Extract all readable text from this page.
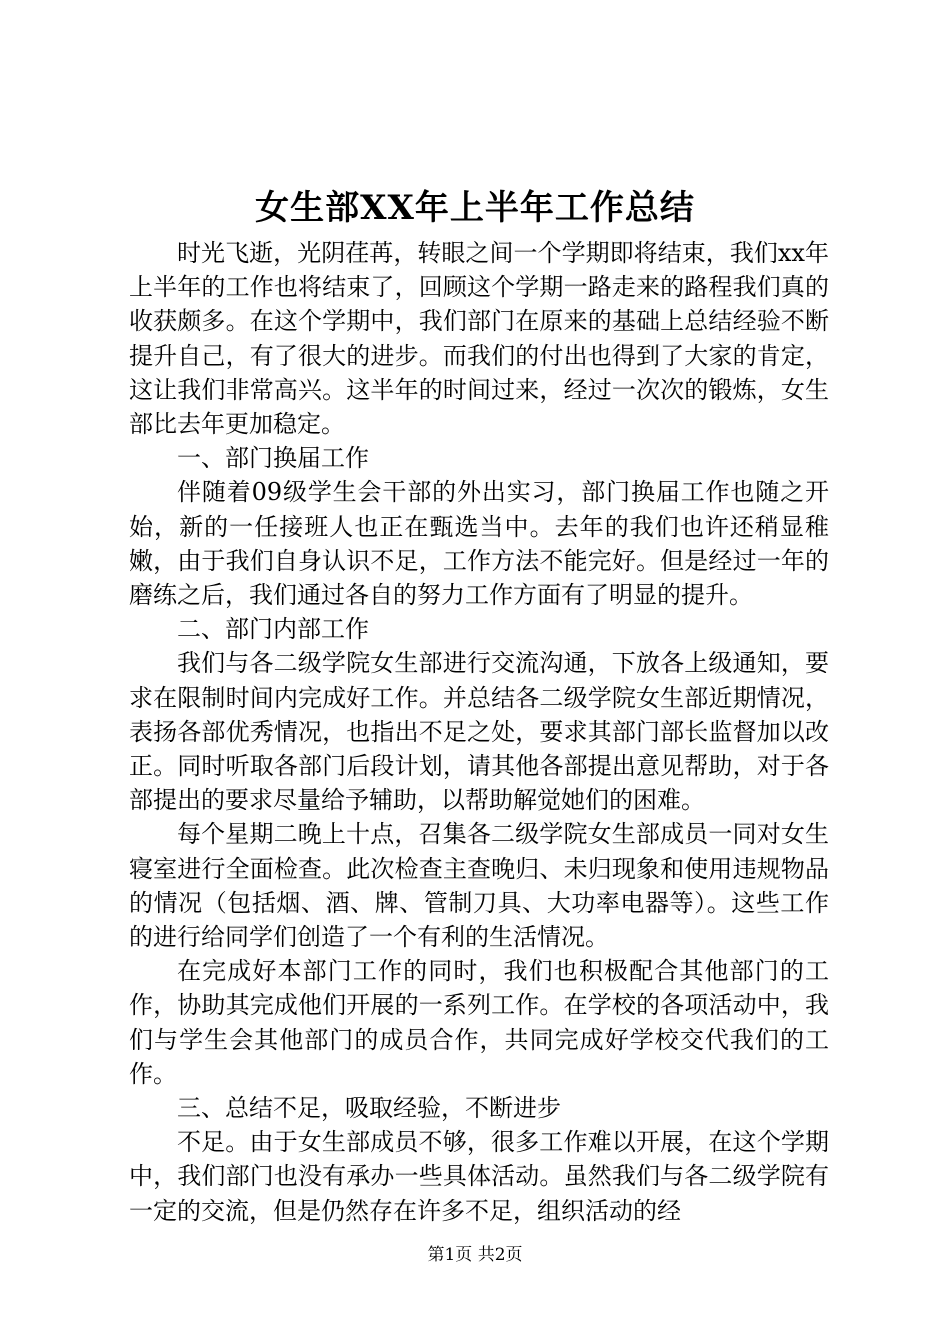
女生部XX年上半年工作总结

时光飞逝，光阴荏苒，转眼之间一个学期即将结束，我们xx年上半年的工作也将结束了，回顾这个学期一路走来的路程我们真的收获颇多。在这个学期中，我们部门在原来的基础上总结经验不断提升自己，有了很大的进步。而我们的付出也得到了大家的肯定，这让我们非常高兴。这半年的时间过来，经过一次次的锻炼，女生部比去年更加稳定。

一、部门换届工作

伴随着09级学生会干部的外出实习，部门换届工作也随之开始，新的一任接班人也正在甄选当中。去年的我们也许还稍显稚嫩，由于我们自身认识不足，工作方法不能完好。但是经过一年的磨练之后，我们通过各自的努力工作方面有了明显的提升。

二、部门内部工作

我们与各二级学院女生部进行交流沟通，下放各上级通知，要求在限制时间内完成好工作。并总结各二级学院女生部近期情况，表扬各部优秀情况，也指出不足之处，要求其部门部长监督加以改正。同时听取各部门后段计划，请其他各部提出意见帮助，对于各部提出的要求尽量给予辅助，以帮助解觉她们的困难。

每个星期二晚上十点，召集各二级学院女生部成员一同对女生寝室进行全面检查。此次检查主查晚归、未归现象和使用违规物品的情况（包括烟、酒、牌、管制刀具、大功率电器等）。这些工作的进行给同学们创造了一个有利的生活情况。

在完成好本部门工作的同时，我们也积极配合其他部门的工作，协助其完成他们开展的一系列工作。在学校的各项活动中，我们与学生会其他部门的成员合作，共同完成好学校交代我们的工作。

三、总结不足，吸取经验，不断进步

不足。由于女生部成员不够，很多工作难以开展，在这个学期中，我们部门也没有承办一些具体活动。虽然我们与各二级学院有一定的交流，但是仍然存在许多不足，组织活动的经

第1页 共2页
